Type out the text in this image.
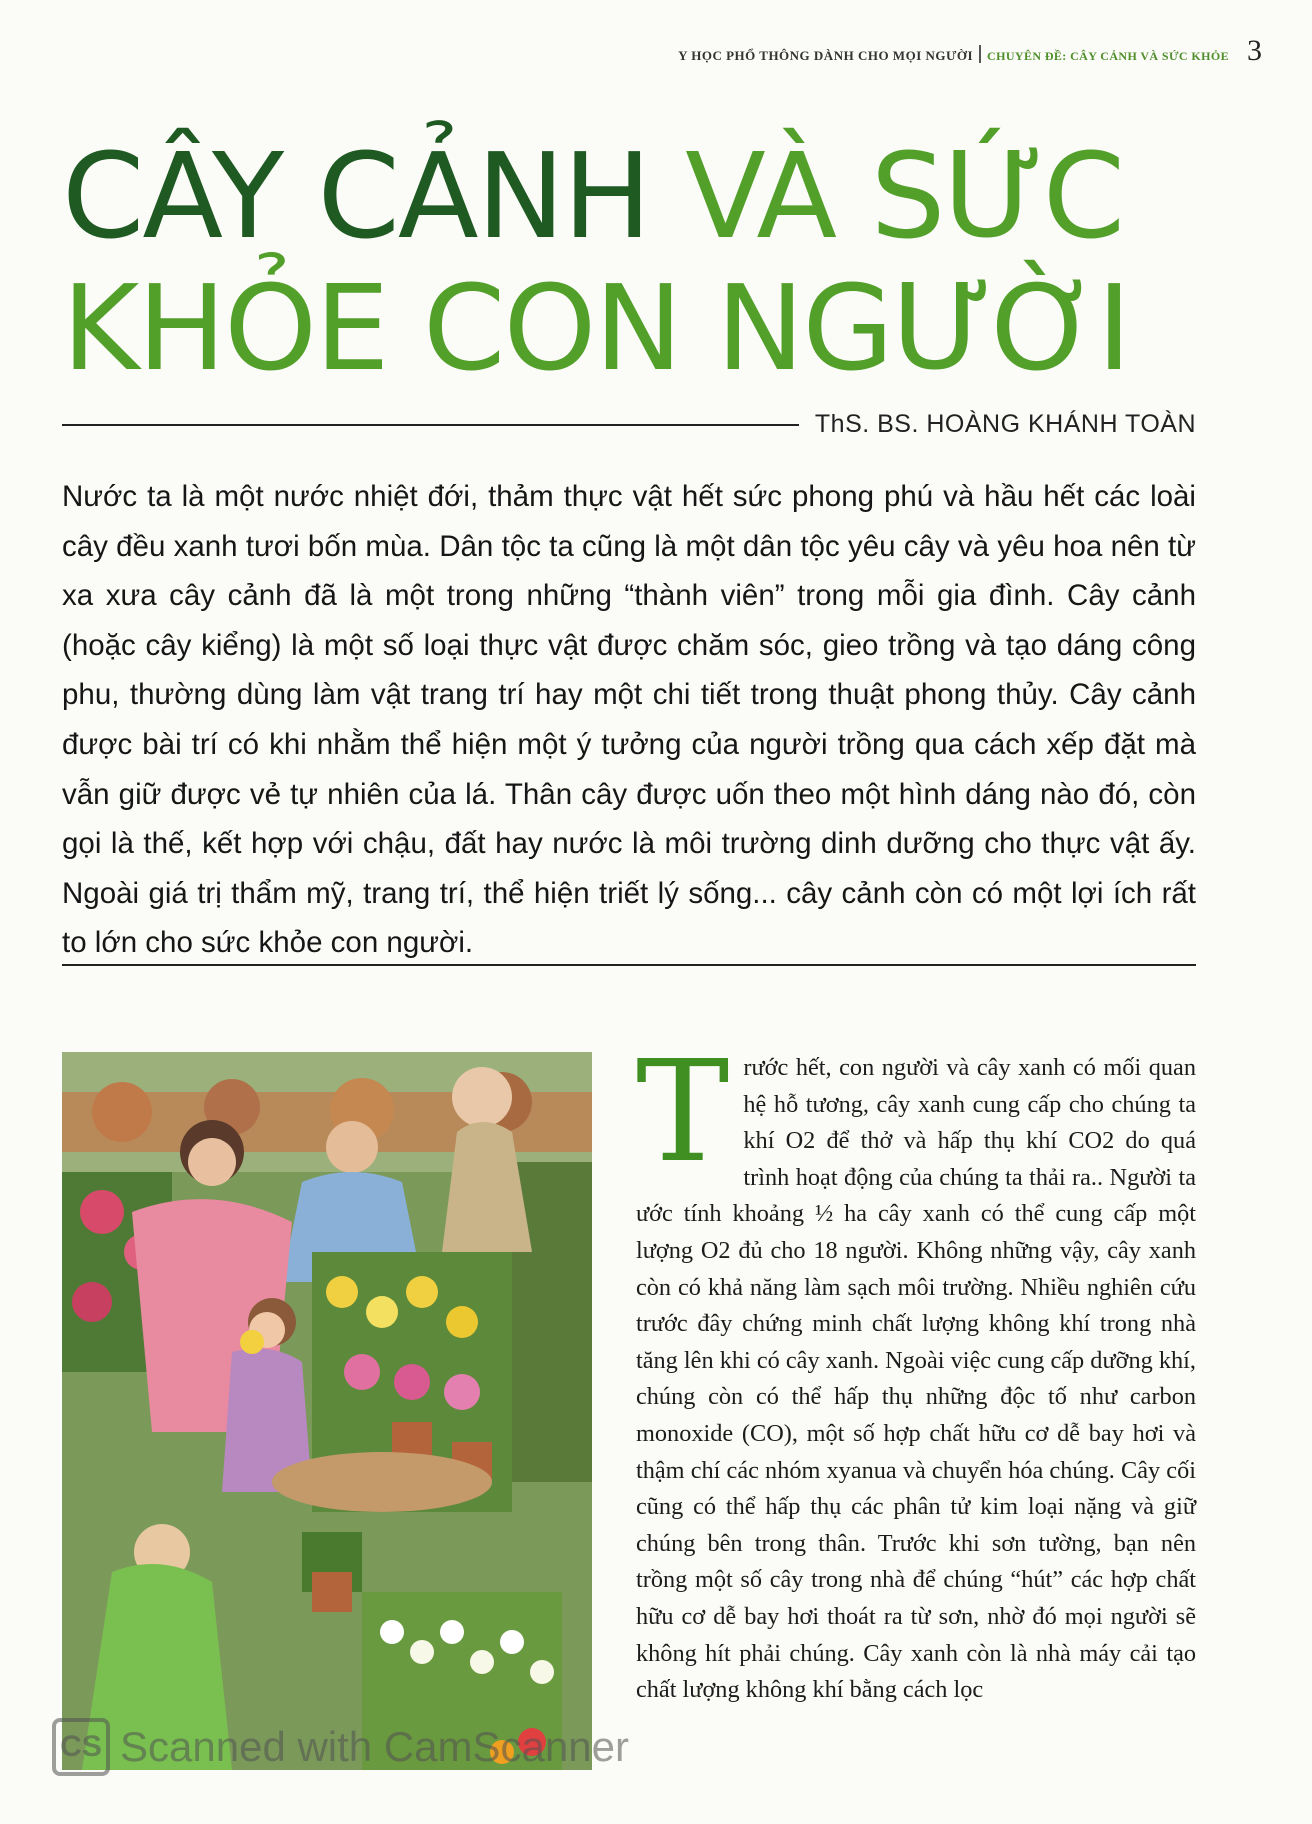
Y HỌC PHỔ THÔNG DÀNH CHO MỌI NGƯỜI CHUYÊN ĐỀ: CÂY CẢNH VÀ SỨC KHỎE 3
CÂY CẢNH VÀ SỨC
KHỎE CON NGƯỜI
ThS. BS. HOÀNG KHÁNH TOÀN

Nước ta là một nước nhiệt đới, thảm thực vật hết sức phong phú và hầu hết các loài cây đều xanh tươi bốn mùa. Dân tộc ta cũng là một dân tộc yêu cây và yêu hoa nên từ xa xưa cây cảnh đã là một trong những “thành viên” trong mỗi gia đình. Cây cảnh (hoặc cây kiểng) là một số loại thực vật được chăm sóc, gieo trồng và tạo dáng công phu, thường dùng làm vật trang trí hay một chi tiết trong thuật phong thủy. Cây cảnh được bài trí có khi nhằm thể hiện một ý tưởng của người trồng qua cách xếp đặt mà vẫn giữ được vẻ tự nhiên của lá. Thân cây được uốn theo một hình dáng nào đó, còn gọi là thế, kết hợp với chậu, đất hay nước là môi trường dinh dưỡng cho thực vật ấy. Ngoài giá trị thẩm mỹ, trang trí, thể hiện triết lý sống... cây cảnh còn có một lợi ích rất to lớn cho sức khỏe con người.

Trước hết, con người và cây xanh có mối quan hệ hỗ tương, cây xanh cung cấp cho chúng ta khí O2 để thở và hấp thụ khí CO2 do quá trình hoạt động của chúng ta thải ra.. Người ta ước tính khoảng ½ ha cây xanh có thể cung cấp một lượng O2 đủ cho 18 người. Không những vậy, cây xanh còn có khả năng làm sạch môi trường. Nhiều nghiên cứu trước đây chứng minh chất lượng không khí trong nhà tăng lên khi có cây xanh. Ngoài việc cung cấp dưỡng khí, chúng còn có thể hấp thụ những độc tố như carbon monoxide (CO), một số hợp chất hữu cơ dễ bay hơi và thậm chí các nhóm xyanua và chuyển hóa chúng. Cây cối cũng có thể hấp thụ các phân tử kim loại nặng và giữ chúng bên trong thân. Trước khi sơn tường, bạn nên trồng một số cây trong nhà để chúng “hút” các hợp chất hữu cơ dễ bay hơi thoát ra từ sơn, nhờ đó mọi người sẽ không hít phải chúng. Cây xanh còn là nhà máy cải tạo chất lượng không khí bằng cách lọc
CS Scanned with CamScanner
